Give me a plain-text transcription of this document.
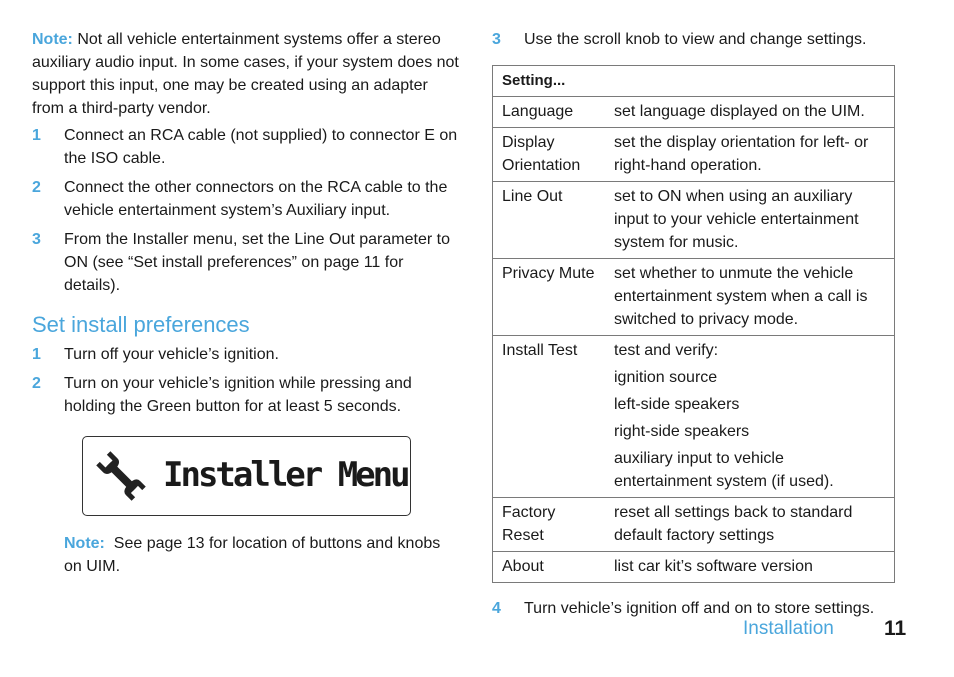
Note: Not all vehicle entertainment systems offer a stereo auxiliary audio input. In some cases, if your system does not support this input, one may be created using an adapter from a third-party vendor.

1 Connect an RCA cable (not supplied) to connector E on the ISO cable.
2 Connect the other connectors on the RCA cable to the vehicle entertainment system’s Auxiliary input.
3 From the Installer menu, set the Line Out parameter to ON (see “Set install preferences” on page 11 for details).
Set install preferences
1 Turn off your vehicle’s ignition.
2 Turn on your vehicle’s ignition while pressing and holding the Green button for at least 5 seconds.
Installer Menu

Note: See page 13 for location of buttons and knobs on UIM.

3 Use the scroll knob to view and change settings.
Setting...	
Language	set language displayed on the UIM.
Display Orientation	set the display orientation for left- or right-hand operation.
Line Out	set to ON when using an auxiliary input to your vehicle entertainment system for music.
Privacy Mute	set whether to unmute the vehicle entertainment system when a call is switched to privacy mode.
Install Test	test and verify:
ignition source
left-side speakers
right-side speakers
auxiliary input to vehicle entertainment system (if used).

Factory Reset	reset all settings back to standard default factory settings
About	list car kit’s software version
4 Turn vehicle’s ignition off and on to store settings.
Installation 11
